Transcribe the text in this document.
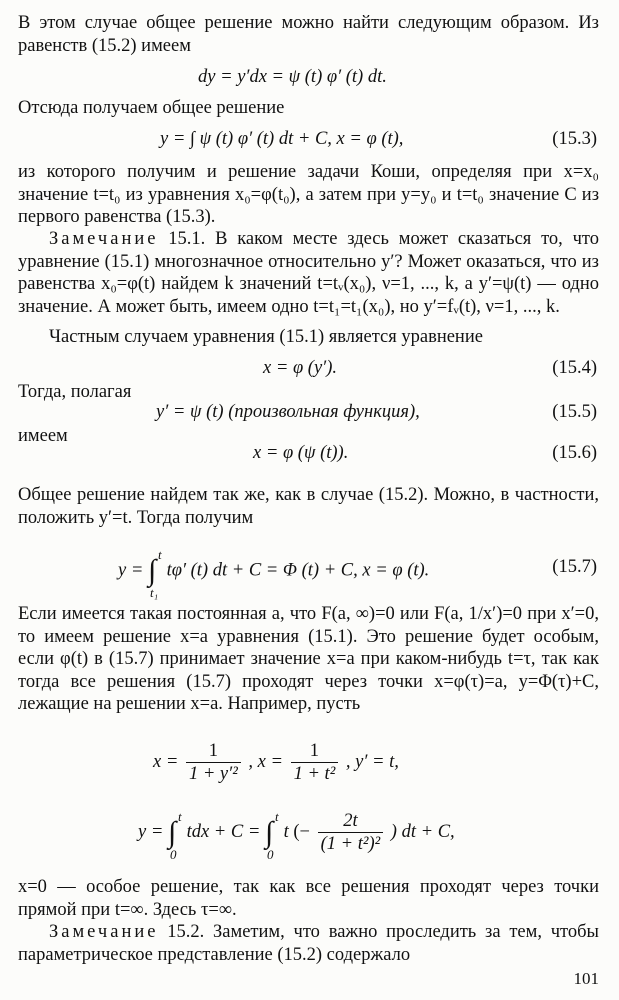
В этом случае общее решение можно найти следующим образом. Из равенств (15.2) имеем

dy = y′dx = ψ (t) φ′ (t) dt.

Отсюда получаем общее решение

y = ∫ ψ (t) φ′ (t) dt + C, x = φ (t),	(15.3)

из которого получим и решение задачи Коши, определяя при x=x₀ значение t=t₀ из уравнения x₀=φ(t₀), а затем при y=y₀ и t=t₀ значение C из первого равенства (15.3).

Замечание 15.1. В каком месте здесь может сказаться то, что уравнение (15.1) многозначное относительно y′? Может оказаться, что из равенства x₀=φ(t) найдем k значений t=tᵥ(x₀), ν=1, ..., k, а y′=ψ(t) — одно значение. А может быть, имеем одно t=t₁=t₁(x₀), но y′=fᵥ(t), ν=1, ..., k.

Частным случаем уравнения (15.1) является уравнение

x = φ (y′).	(15.4)
Тогда, полагая
y′ = ψ (t) (произвольная функция),	(15.5)
имеем
x = φ (ψ (t)).	(15.6)

Общее решение найдем так же, как в случае (15.2). Можно, в частности, положить y′=t. Тогда получим

y = ∫ t
t₁
tφ′ (t) dt + C = Φ (t) + C, x = φ (t).	(15.7)

Если имеется такая постоянная a, что F(a, ∞)=0 или F(a, 1/x′)=0 при x′=0, то имеем решение x=a уравнения (15.1). Это решение будет особым, если φ(t) в (15.7) принимает значение x=a при каком-нибудь t=τ, так как тогда все решения (15.7) проходят через точки x=φ(τ)=a, y=Φ(τ)+C, лежащие на решении x=a. Например, пусть

$x = \frac{1}{\text{1 + y′²}}$ , $x = \frac{1}{\text{1 + t²}}$ , y′ = t,
y = ∫ t
0
tdx + C = ∫ t
0
t (− $\frac{2t}{\text{(1 + t²)²}}$ ) dt + C,

x=0 — особое решение, так как все решения проходят через точки прямой при t=∞. Здесь τ=∞.

Замечание 15.2. Заметим, что важно проследить за тем, чтобы параметрическое представление (15.2) содержало

101
